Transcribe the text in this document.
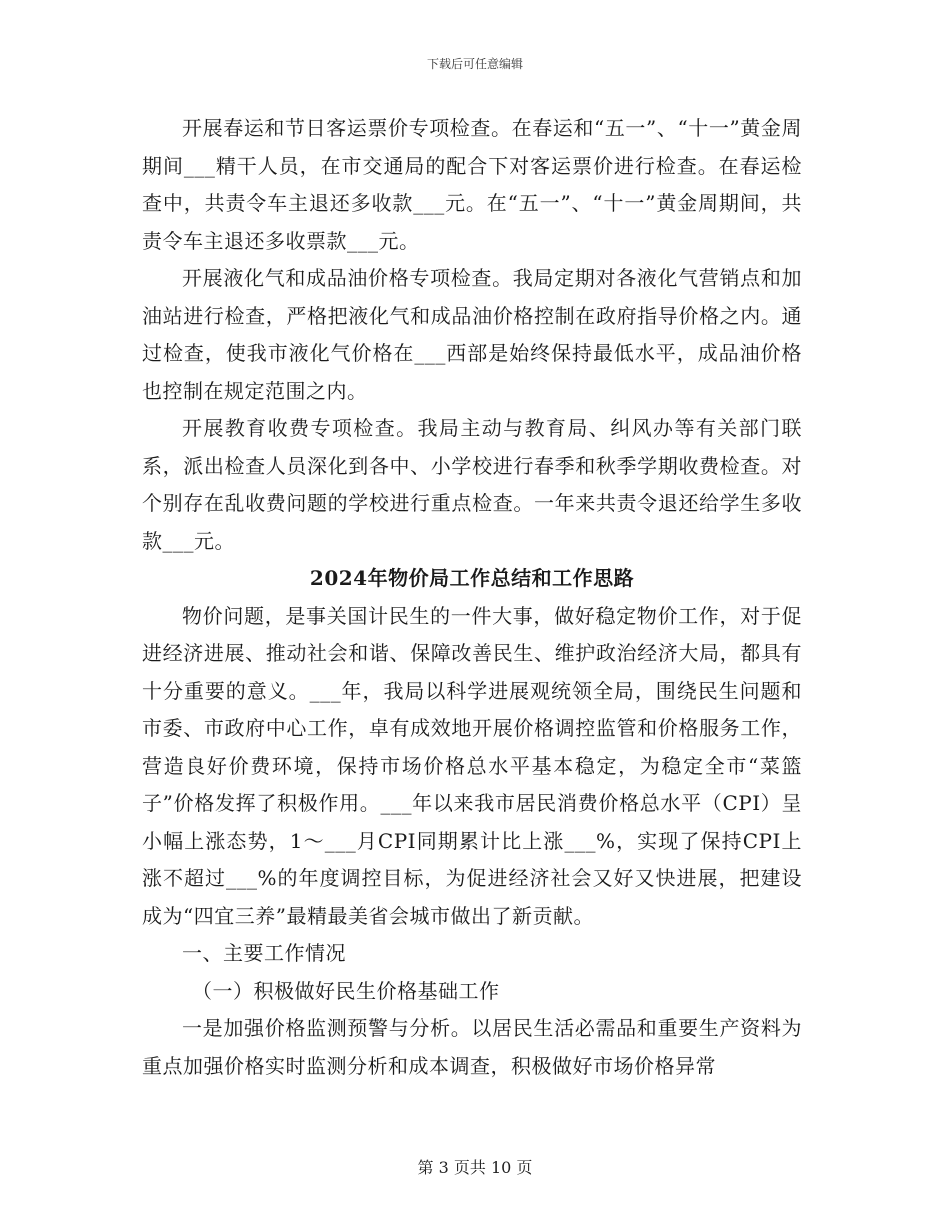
下载后可任意编辑

开展春运和节日客运票价专项检查。在春运和“五一”、“十一”黄金周期间___精干人员，在市交通局的配合下对客运票价进行检查。在春运检查中，共责令车主退还多收款___元。在“五一”、“十一”黄金周期间，共责令车主退还多收票款___元。

开展液化气和成品油价格专项检查。我局定期对各液化气营销点和加油站进行检查，严格把液化气和成品油价格控制在政府指导价格之内。通过检查，使我市液化气价格在___西部是始终保持最低水平，成品油价格也控制在规定范围之内。

开展教育收费专项检查。我局主动与教育局、纠风办等有关部门联系，派出检查人员深化到各中、小学校进行春季和秋季学期收费检查。对个别存在乱收费问题的学校进行重点检查。一年来共责令退还给学生多收款___元。

2024年物价局工作总结和工作思路

物价问题，是事关国计民生的一件大事，做好稳定物价工作，对于促进经济进展、推动社会和谐、保障改善民生、维护政治经济大局，都具有十分重要的意义。___年，我局以科学进展观统领全局，围绕民生问题和市委、市政府中心工作，卓有成效地开展价格调控监管和价格服务工作，营造良好价费环境，保持市场价格总水平基本稳定，为稳定全市“菜篮子”价格发挥了积极作用。___年以来我市居民消费价格总水平（CPI）呈小幅上涨态势，1～___月CPI同期累计比上涨___%，实现了保持CPI上涨不超过___%的年度调控目标，为促进经济社会又好又快进展，把建设成为“四宜三养”最精最美省会城市做出了新贡献。

一、主要工作情况

（一）积极做好民生价格基础工作

一是加强价格监测预警与分析。以居民生活必需品和重要生产资料为重点加强价格实时监测分析和成本调查，积极做好市场价格异常

第 3 页共 10 页
